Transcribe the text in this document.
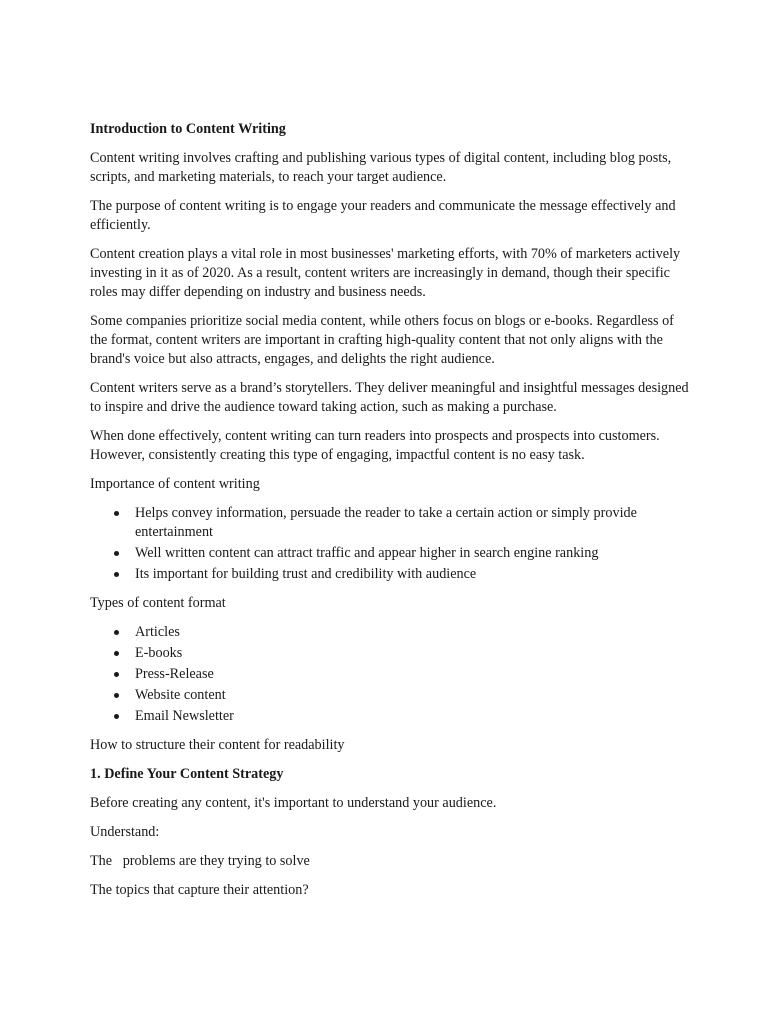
Introduction to Content Writing

Content writing involves crafting and publishing various types of digital content, including blog posts, scripts, and marketing materials, to reach your target audience.

The purpose of content writing is to engage your readers and communicate the message effectively and efficiently.

Content creation plays a vital role in most businesses' marketing efforts, with 70% of marketers actively investing in it as of 2020. As a result, content writers are increasingly in demand, though their specific roles may differ depending on industry and business needs.

Some companies prioritize social media content, while others focus on blogs or e-books. Regardless of the format, content writers are important in crafting high-quality content that not only aligns with the brand's voice but also attracts, engages, and delights the right audience.

Content writers serve as a brand’s storytellers. They deliver meaningful and insightful messages designed to inspire and drive the audience toward taking action, such as making a purchase.

When done effectively, content writing can turn readers into prospects and prospects into customers. However, consistently creating this type of engaging, impactful content is no easy task.

Importance of content writing

Helps convey information, persuade the reader to take a certain action or simply provide entertainment
Well written content can attract traffic and appear higher in search engine ranking
Its important for building trust and credibility with audience

Types of content format

Articles
E-books
Press-Release
Website content
Email Newsletter

How to structure their content for readability

1. Define Your Content Strategy

Before creating any content, it's important to understand your audience.

Understand:

The   problems are they trying to solve

The topics that capture their attention?
